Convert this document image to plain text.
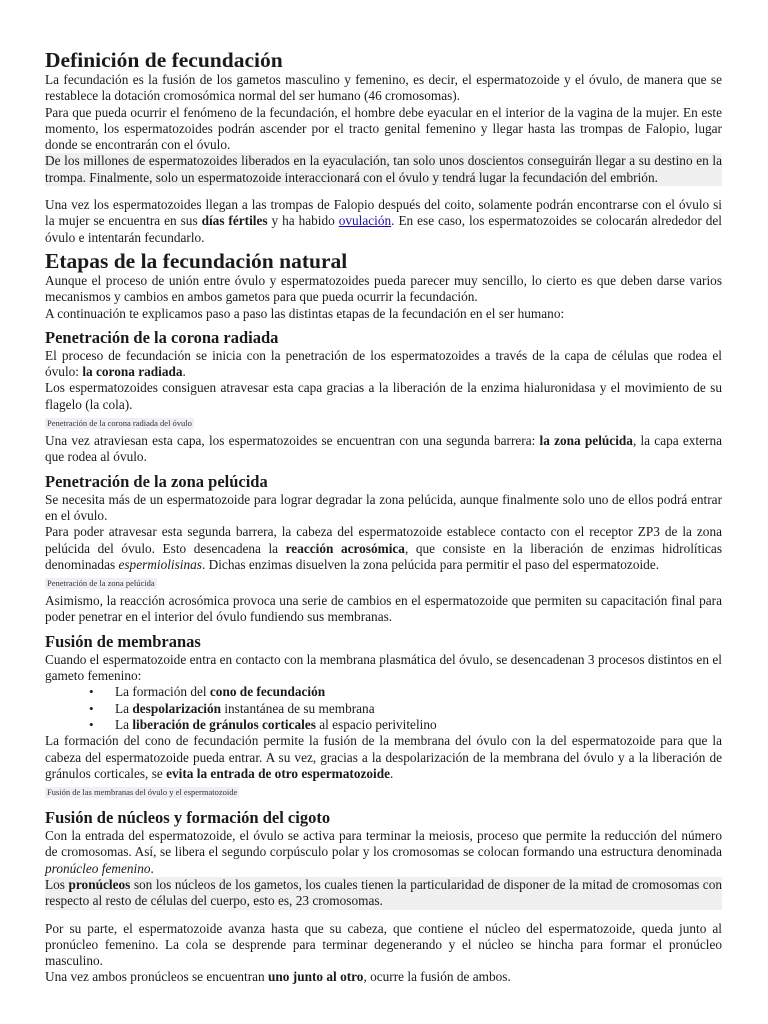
Definición de fecundación

La fecundación es la fusión de los gametos masculino y femenino, es decir, el espermatozoide y el óvulo, de manera que se restablece la dotación cromosómica normal del ser humano (46 cromosomas).

Para que pueda ocurrir el fenómeno de la fecundación, el hombre debe eyacular en el interior de la vagina de la mujer. En este momento, los espermatozoides podrán ascender por el tracto genital femenino y llegar hasta las trompas de Falopio, lugar donde se encontrarán con el óvulo.

De los millones de espermatozoides liberados en la eyaculación, tan solo unos doscientos conseguirán llegar a su destino en la trompa. Finalmente, solo un espermatozoide interaccionará con el óvulo y tendrá lugar la fecundación del embrión.

Una vez los espermatozoides llegan a las trompas de Falopio después del coito, solamente podrán encontrarse con el óvulo si la mujer se encuentra en sus días fértiles y ha habido ovulación. En ese caso, los espermatozoides se colocarán alrededor del óvulo e intentarán fecundarlo.

Etapas de la fecundación natural

Aunque el proceso de unión entre óvulo y espermatozoides pueda parecer muy sencillo, lo cierto es que deben darse varios mecanismos y cambios en ambos gametos para que pueda ocurrir la fecundación.

A continuación te explicamos paso a paso las distintas etapas de la fecundación en el ser humano:

Penetración de la corona radiada

El proceso de fecundación se inicia con la penetración de los espermatozoides a través de la capa de células que rodea el óvulo: la corona radiada.

Los espermatozoides consiguen atravesar esta capa gracias a la liberación de la enzima hialuronidasa y el movimiento de su flagelo (la cola).

Penetración de la corona radiada del óvulo

Una vez atraviesan esta capa, los espermatozoides se encuentran con una segunda barrera: la zona pelúcida, la capa externa que rodea al óvulo.

Penetración de la zona pelúcida

Se necesita más de un espermatozoide para lograr degradar la zona pelúcida, aunque finalmente solo uno de ellos podrá entrar en el óvulo.

Para poder atravesar esta segunda barrera, la cabeza del espermatozoide establece contacto con el receptor ZP3 de la zona pelúcida del óvulo. Esto desencadena la reacción acrosómica, que consiste en la liberación de enzimas hidrolíticas denominadas espermiolisinas. Dichas enzimas disuelven la zona pelúcida para permitir el paso del espermatozoide.

Penetración de la zona pelúcida

Asimismo, la reacción acrosómica provoca una serie de cambios en el espermatozoide que permiten su capacitación final para poder penetrar en el interior del óvulo fundiendo sus membranas.

Fusión de membranas

Cuando el espermatozoide entra en contacto con la membrana plasmática del óvulo, se desencadenan 3 procesos distintos en el gameto femenino:

• La formación del cono de fecundación
• La despolarización instantánea de su membrana
• La liberación de gránulos corticales al espacio perivitelino

La formación del cono de fecundación permite la fusión de la membrana del óvulo con la del espermatozoide para que la cabeza del espermatozoide pueda entrar. A su vez, gracias a la despolarización de la membrana del óvulo y a la liberación de gránulos corticales, se evita la entrada de otro espermatozoide.

Fusión de las membranas del óvulo y el espermatozoide
Fusión de núcleos y formación del cigoto

Con la entrada del espermatozoide, el óvulo se activa para terminar la meiosis, proceso que permite la reducción del número de cromosomas. Así, se libera el segundo corpúsculo polar y los cromosomas se colocan formando una estructura denominada pronúcleo femenino.

Los pronúcleos son los núcleos de los gametos, los cuales tienen la particularidad de disponer de la mitad de cromosomas con respecto al resto de células del cuerpo, esto es, 23 cromosomas.

Por su parte, el espermatozoide avanza hasta que su cabeza, que contiene el núcleo del espermatozoide, queda junto al pronúcleo femenino. La cola se desprende para terminar degenerando y el núcleo se hincha para formar el pronúcleo masculino.

Una vez ambos pronúcleos se encuentran uno junto al otro, ocurre la fusión de ambos.
